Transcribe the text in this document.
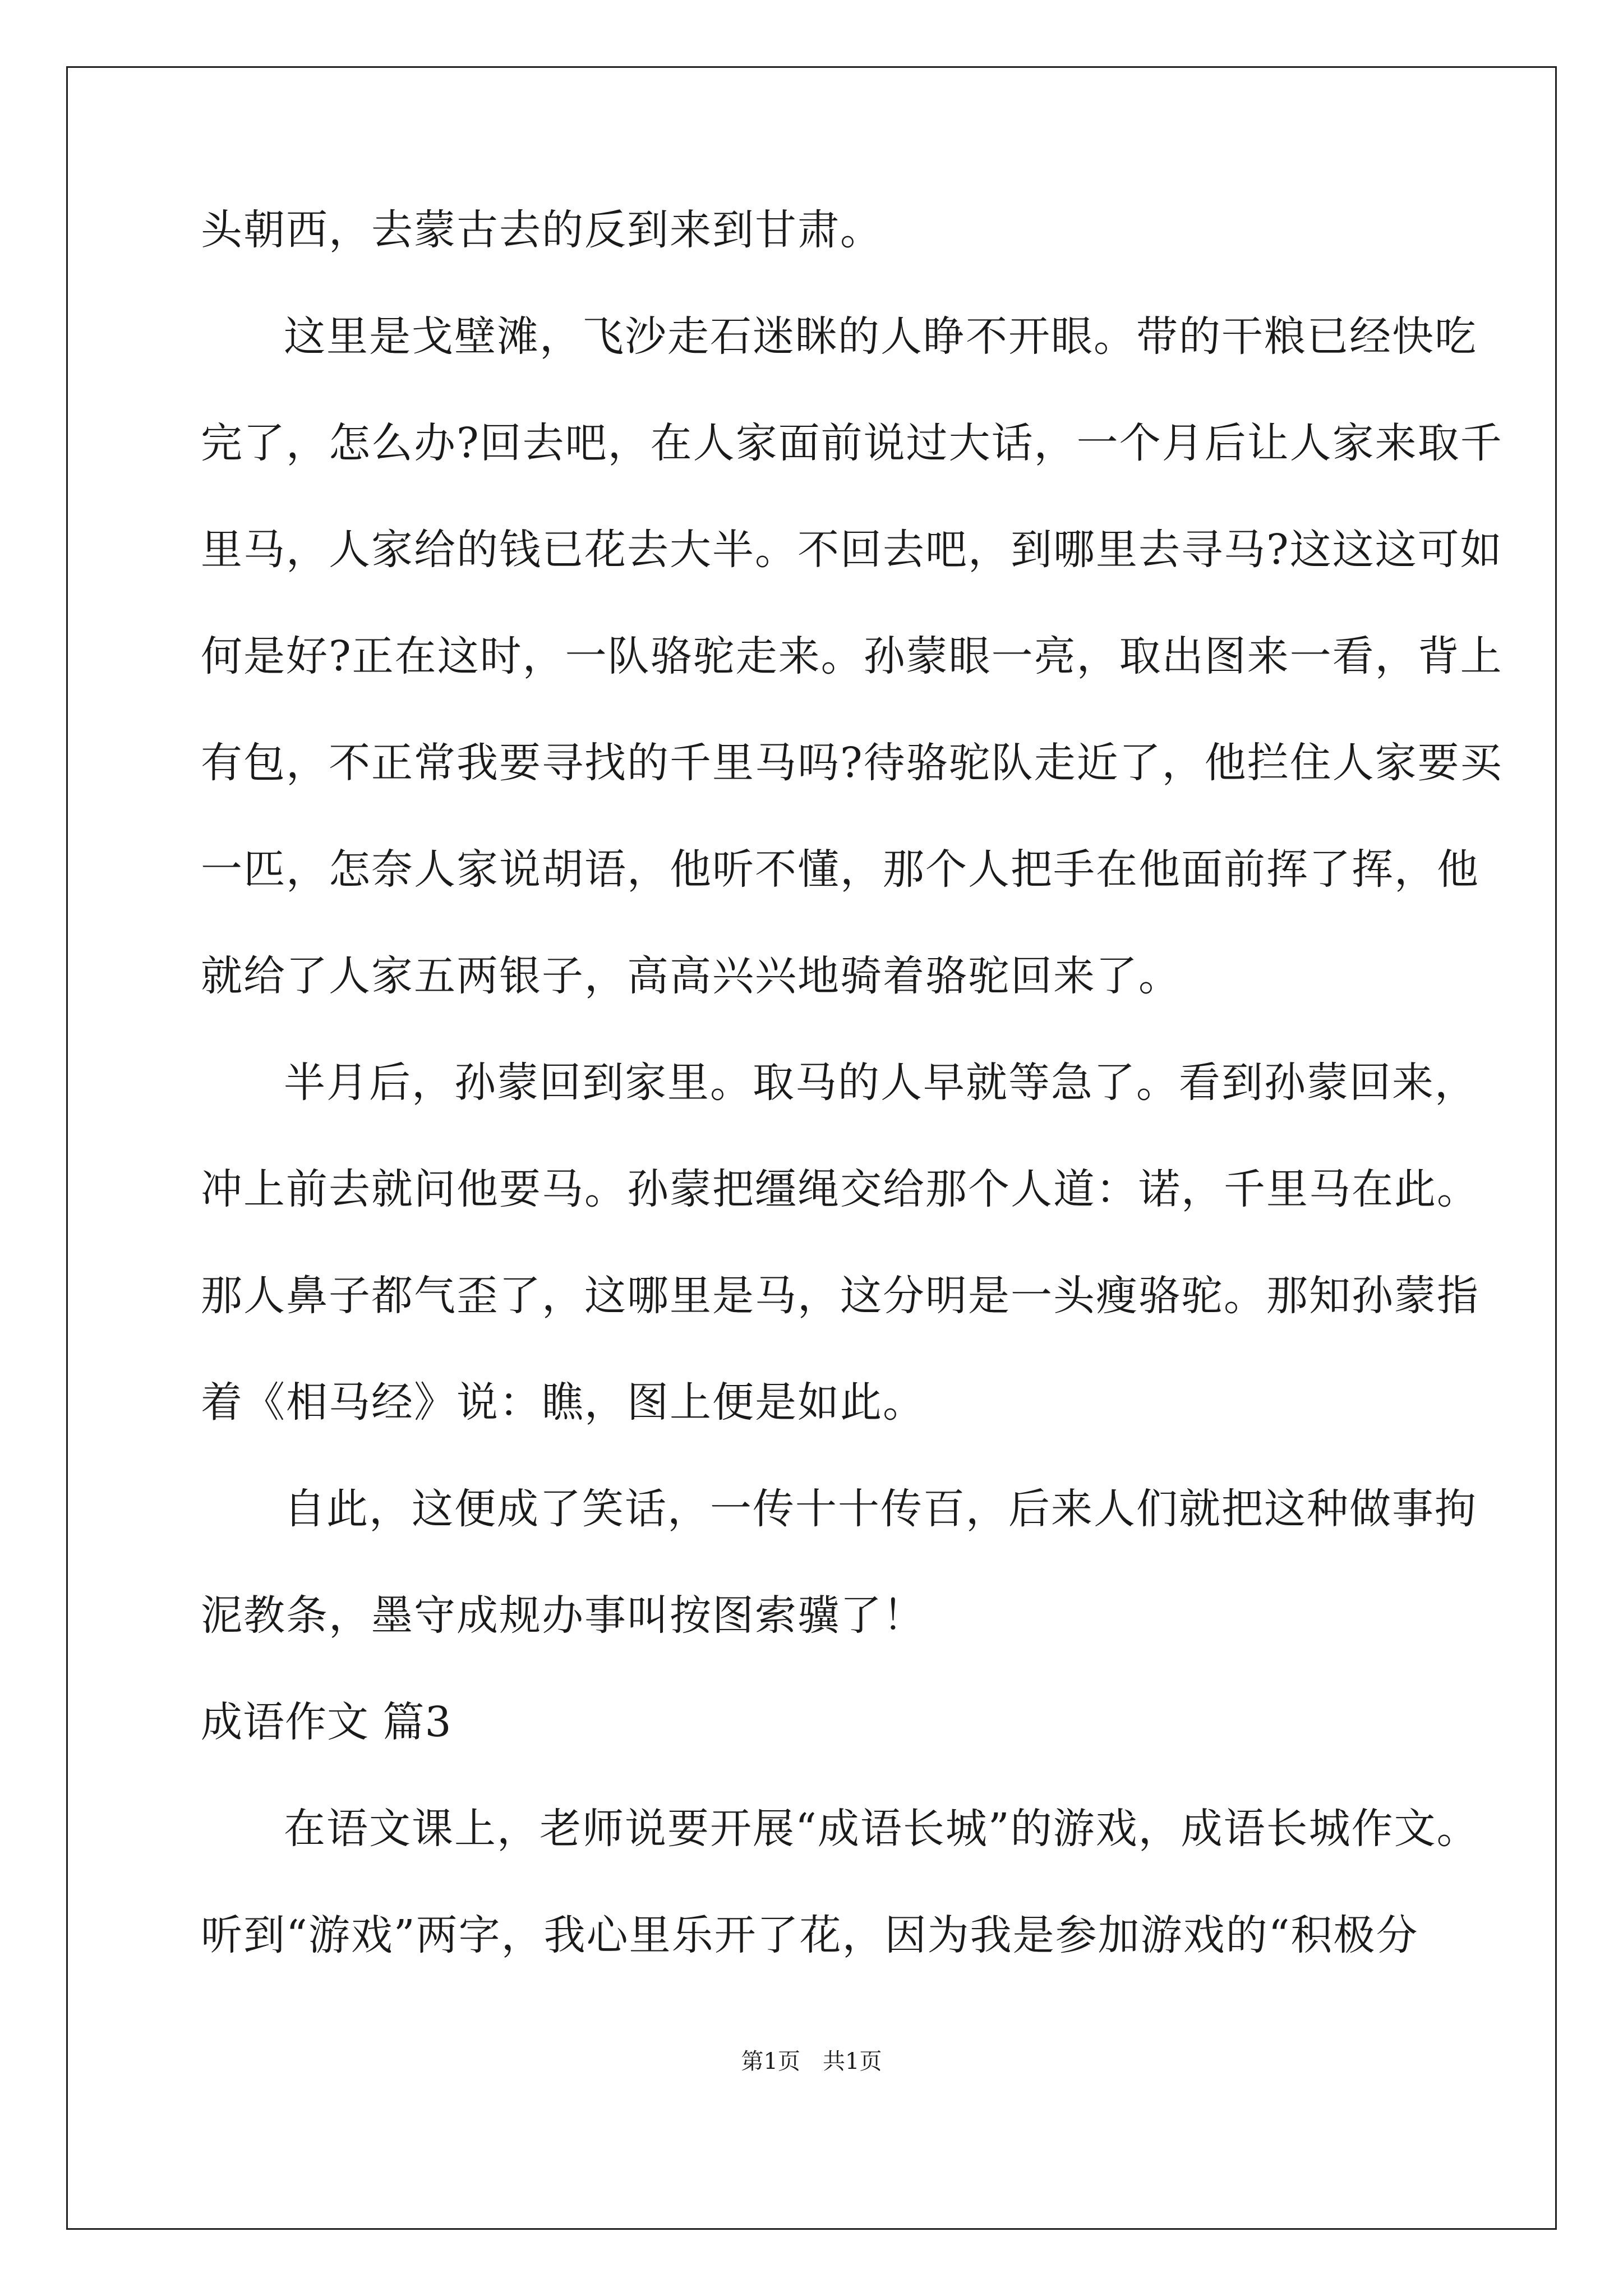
头朝西，去蒙古去的反到来到甘肃。
这里是戈壁滩，飞沙走石迷眯的人睁不开眼。带的干粮已经快吃
完了，怎么办?回去吧，在人家面前说过大话，一个月后让人家来取千
里马，人家给的钱已花去大半。不回去吧，到哪里去寻马?这这这可如
何是好?正在这时，一队骆驼走来。孙蒙眼一亮，取出图来一看，背上
有包，不正常我要寻找的千里马吗?待骆驼队走近了，他拦住人家要买
一匹，怎奈人家说胡语，他听不懂，那个人把手在他面前挥了挥，他
就给了人家五两银子，高高兴兴地骑着骆驼回来了。
半月后，孙蒙回到家里。取马的人早就等急了。看到孙蒙回来，
冲上前去就问他要马。孙蒙把缰绳交给那个人道：诺，千里马在此。
那人鼻子都气歪了，这哪里是马，这分明是一头瘦骆驼。那知孙蒙指
着《相马经》说：瞧，图上便是如此。
自此，这便成了笑话，一传十十传百，后来人们就把这种做事拘
泥教条，墨守成规办事叫按图索骥了！
成语作文 篇3
在语文课上，老师说要开展“成语长城”的游戏，成语长城作文。
听到“游戏”两字，我心里乐开了花，因为我是参加游戏的“积极分
第1页　共1页
